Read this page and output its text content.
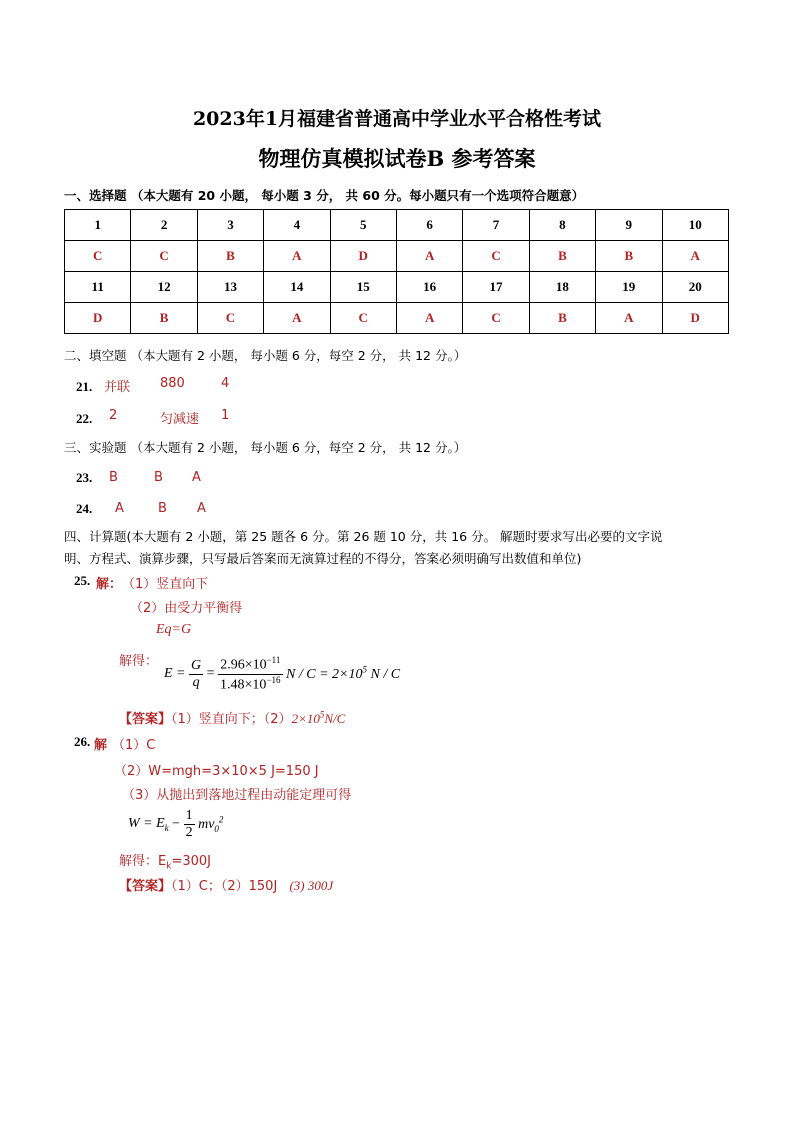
2023年1月福建省普通高中学业水平合格性考试
物理仿真模拟试卷B 参考答案
一、选择题 （本大题有 20 小题， 每小题 3 分， 共 60 分。每小题只有一个选项符合题意）
1	2	3	4	5	6	7	8	9	10
C	C	B	A	D	A	C	B	B	A
11	12	13	14	15	16	17	18	19	20
D	B	C	A	C	A	C	B	A	D
二、填空题 （本大题有 2 小题， 每小题 6 分，每空 2 分， 共 12 分。）
21. 并联 880	4
22. 2	匀减速 1
三、实验题 （本大题有 2 小题， 每小题 6 分，每空 2 分， 共 12 分。）
23. B	B A
24. A	B A
四、计算题(本大题有 2 小题，第 25 题各 6 分。第 26 题 10 分，共 16 分。 解题时要求写出必要的文字说
明、方程式、演算步骤，只写最后答案而无演算过程的不得分，答案必须明确写出数值和单位)
25. 解： （1）竖直向下
（2）由受力平衡得
Eq=G
解得：
$E = \frac{G}{q} = \frac{2.96\times 10^{-11}}{1.48\times 10^{-16}}$ $N / C = 2\times 10^5$ N / C
【答案】（1）竖直向下；$(2)2\times 10^5N/C$
26. 解 （1）C
（2）W=mgh=3×10×5 J=150 J
（3）从抛出到落地过程由动能定理可得
$W = E_k - \frac{1}{2} mv_0^2$
解得：$E_k=300J$
【答案】（1）C；（2）150J (3) 300J
